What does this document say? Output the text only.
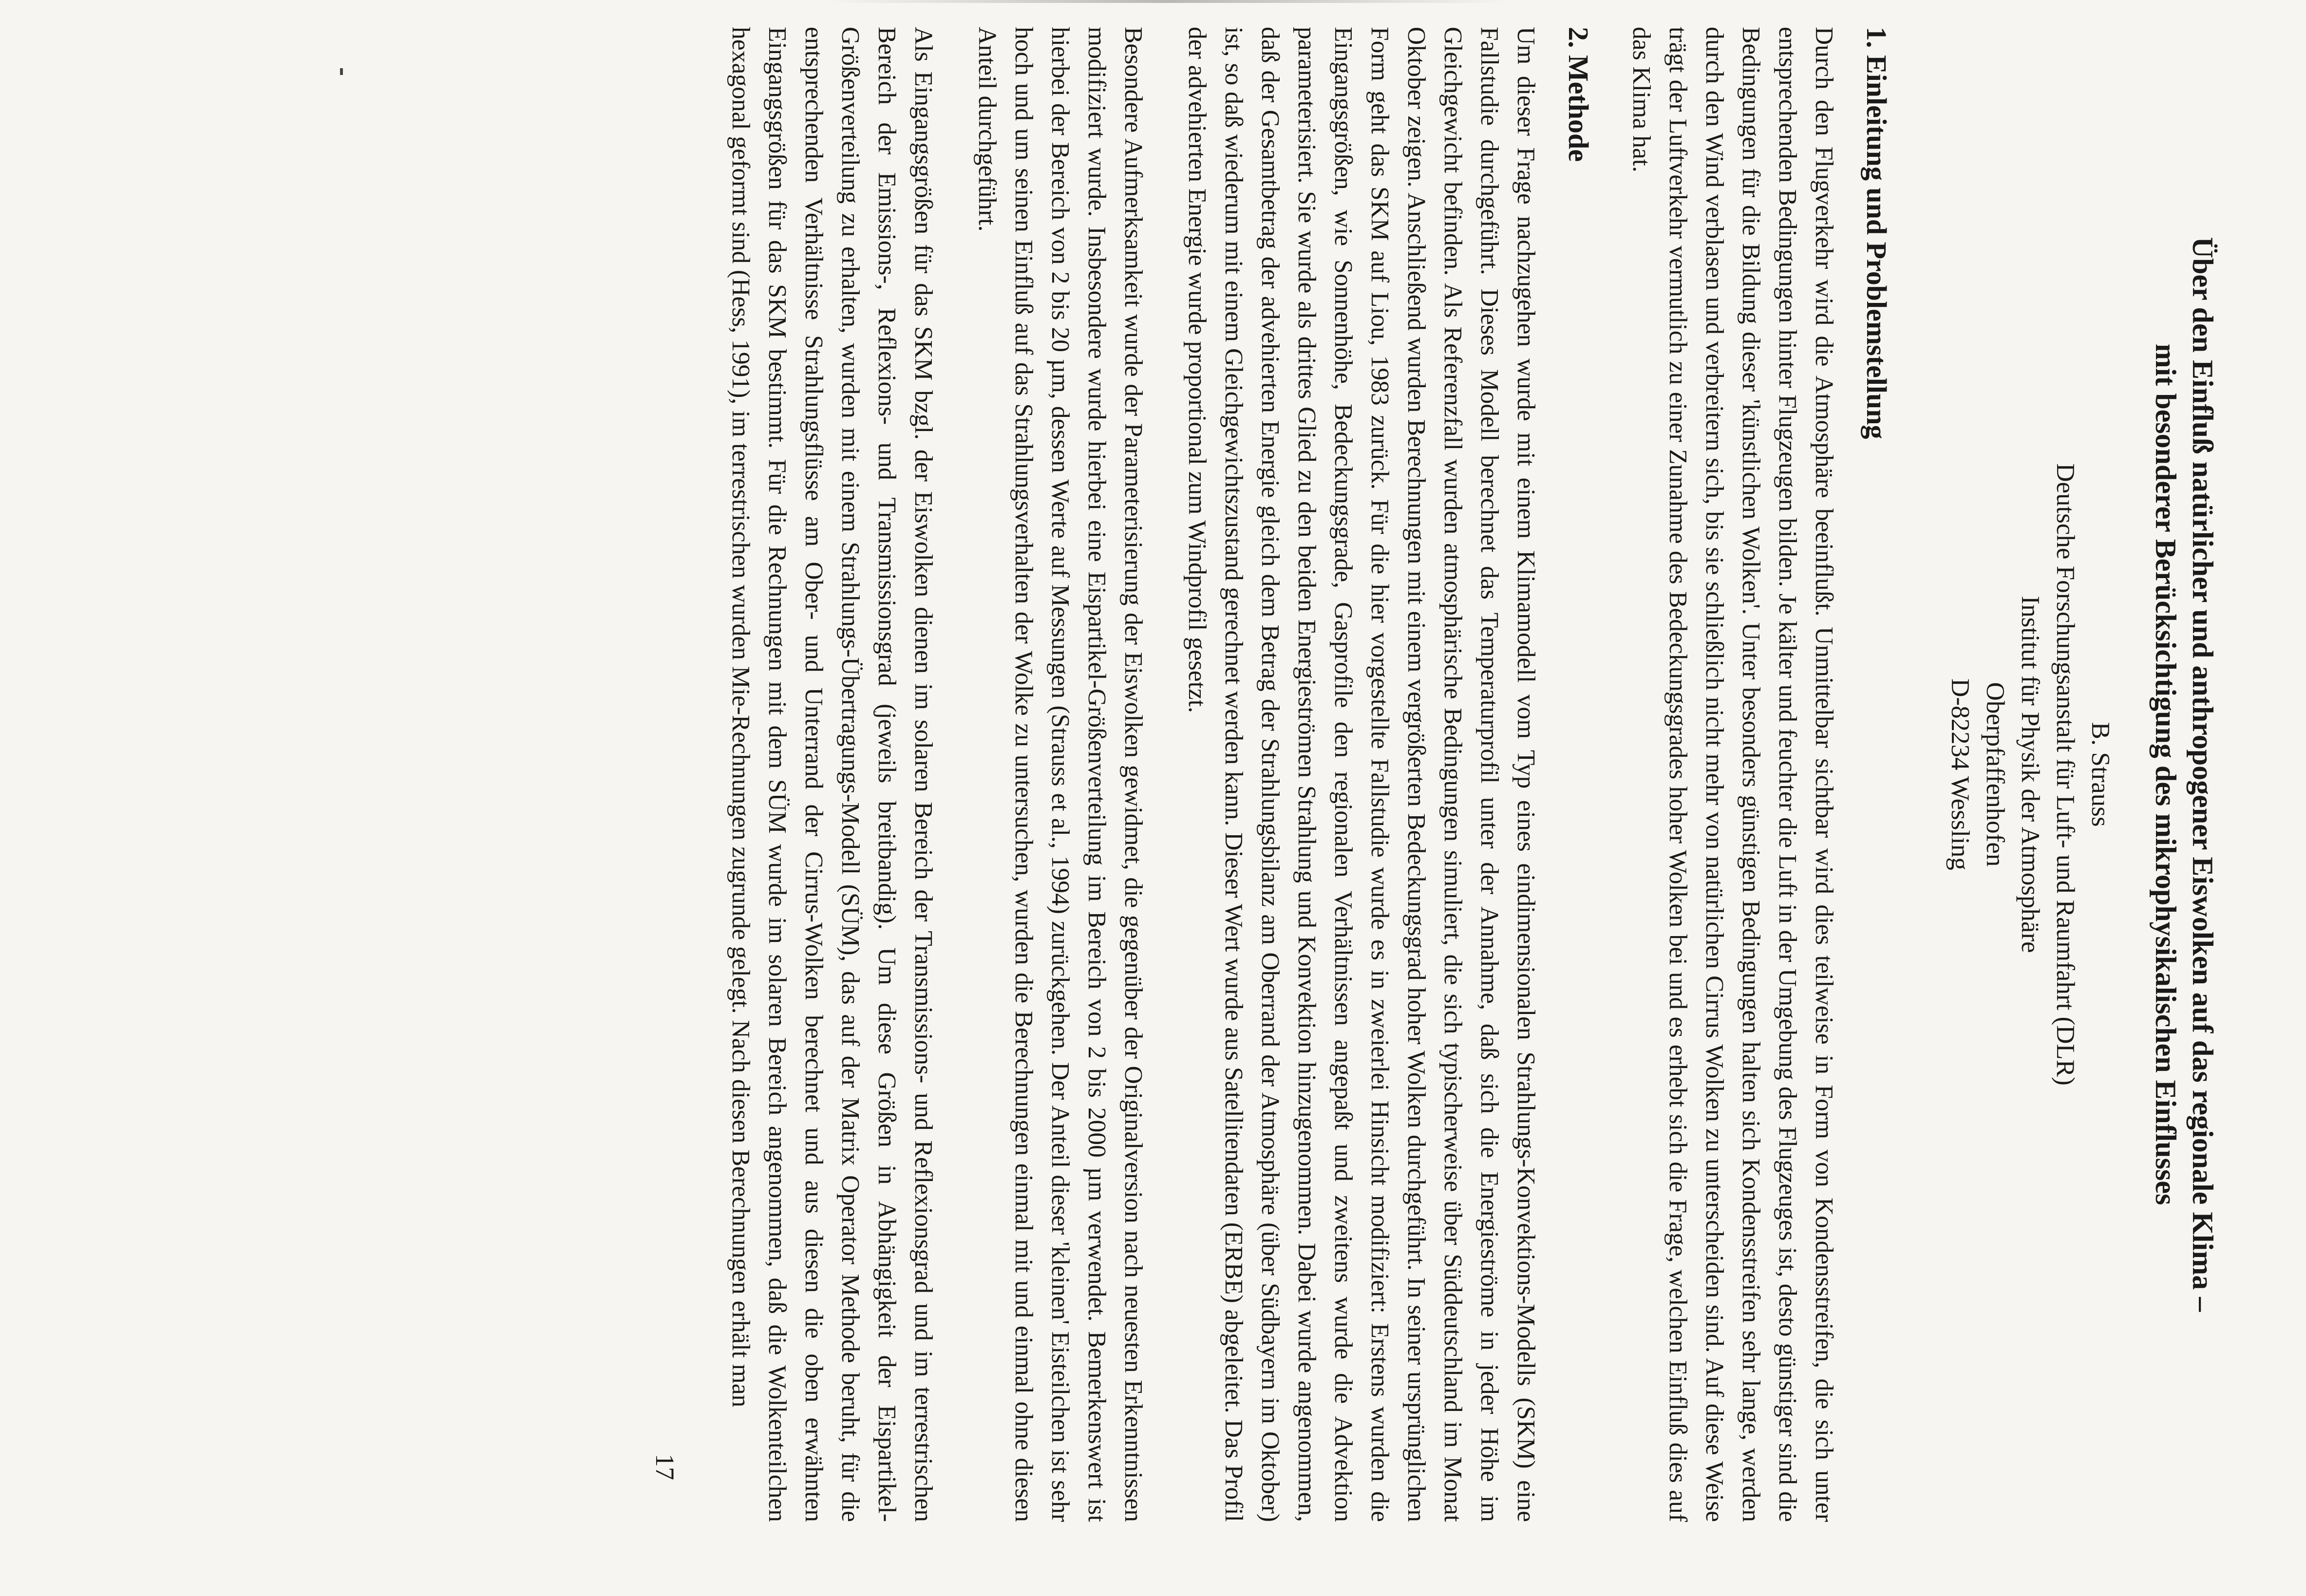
Über den Einfluß natürlicher und anthropogener Eiswolken auf das regionale Klima –
mit besonderer Berücksichtigung des mikrophysikalischen Einflusses
B. Strauss
Deutsche Forschungsanstalt für Luft- und Raumfahrt (DLR)
Institut für Physik der Atmosphäre
Oberpfaffenhofen
D-82234 Wessling
1. Einleitung und Problemstellung

Durch den Flugverkehr wird die Atmosphäre beeinflußt. Unmittelbar sichtbar wird dies teilweise in Form von Kondensstreifen, die sich unter entsprechenden Bedingungen hinter Flugzeugen bilden. Je kälter und feuchter die Luft in der Umgebung des Flugzeuges ist, desto günstiger sind die Bedingungen für die Bildung dieser 'künstlichen Wolken'. Unter besonders günstigen Bedingungen halten sich Kondensstreifen sehr lange, werden durch den Wind verblasen und verbreitern sich, bis sie schließlich nicht mehr von natürlichen Cirrus Wolken zu unterscheiden sind. Auf diese Weise trägt der Luftverkehr vermutlich zu einer Zunahme des Bedeckungsgrades hoher Wolken bei und es erhebt sich die Frage, welchen Einfluß dies auf das Klima hat.

2. Methode

Um dieser Frage nachzugehen wurde mit einem Klimamodell vom Typ eines eindimensionalen Strahlungs-Konvektions-Modells (SKM) eine Fallstudie durchgeführt. Dieses Modell berechnet das Temperaturprofil unter der Annahme, daß sich die Energieströme in jeder Höhe im Gleichgewicht befinden. Als Referenzfall wurden atmosphärische Bedingungen simuliert, die sich typischerweise über Süddeutschland im Monat Oktober zeigen. Anschließend wurden Berechnungen mit einem vergrößerten Bedeckungsgrad hoher Wolken durchgeführt. In seiner ursprünglichen Form geht das SKM auf Liou, 1983 zurück. Für die hier vorgestellte Fallstudie wurde es in zweierlei Hinsicht modifiziert: Erstens wurden die Eingangsgrößen, wie Sonnenhöhe, Bedeckungsgrade, Gasprofile den regionalen Verhältnissen angepaßt und zweitens wurde die Advektion parameterisiert. Sie wurde als drittes Glied zu den beiden Energieströmen Strahlung und Konvektion hinzugenommen. Dabei wurde angenommen, daß der Gesamtbetrag der advehierten Energie gleich dem Betrag der Strahlungsbilanz am Oberrand der Atmosphäre (über Südbayern im Oktober) ist, so daß wiederum mit einem Gleichgewichtszustand gerechnet werden kann. Dieser Wert wurde aus Satellitendaten (ERBE) abgeleitet. Das Profil der advehierten Energie wurde proportional zum Windprofil gesetzt.

Besondere Aufmerksamkeit wurde der Parameterisierung der Eiswolken gewidmet, die gegenüber der Originalversion nach neuesten Erkenntnissen modifiziert wurde. Insbesondere wurde hierbei eine Eispartikel-Größenverteilung im Bereich von 2 bis 2000 µm verwendet. Bemerkenswert ist hierbei der Bereich von 2 bis 20 µm, dessen Werte auf Messungen (Strauss et al., 1994) zurückgehen. Der Anteil dieser 'kleinen' Eisteilchen ist sehr hoch und um seinen Einfluß auf das Strahlungsverhalten der Wolke zu untersuchen, wurden die Berechnungen einmal mit und einmal ohne diesen Anteil durchgeführt.

Als Eingangsgrößen für das SKM bzgl. der Eiswolken dienen im solaren Bereich der Transmissions- und Reflexionsgrad und im terrestrischen Bereich der Emissions-, Reflexions- und Transmissionsgrad (jeweils breitbandig). Um diese Größen in Abhängigkeit der Eispartikel-Größenverteilung zu erhalten, wurden mit einem Strahlungs-Übertragungs-Modell (SÜM), das auf der Matrix Operator Methode beruht, für die entsprechenden Verhältnisse Strahlungsflüsse am Ober- und Unterrand der Cirrus-Wolken berechnet und aus diesen die oben erwähnten Eingangsgrößen für das SKM bestimmt. Für die Rechnungen mit dem SÜM wurde im solaren Bereich angenommen, daß die Wolkenteilchen hexagonal geformt sind (Hess, 1991), im terrestrischen wurden Mie-Rechnungen zugrunde gelegt. Nach diesen Berechnungen erhält man

17
